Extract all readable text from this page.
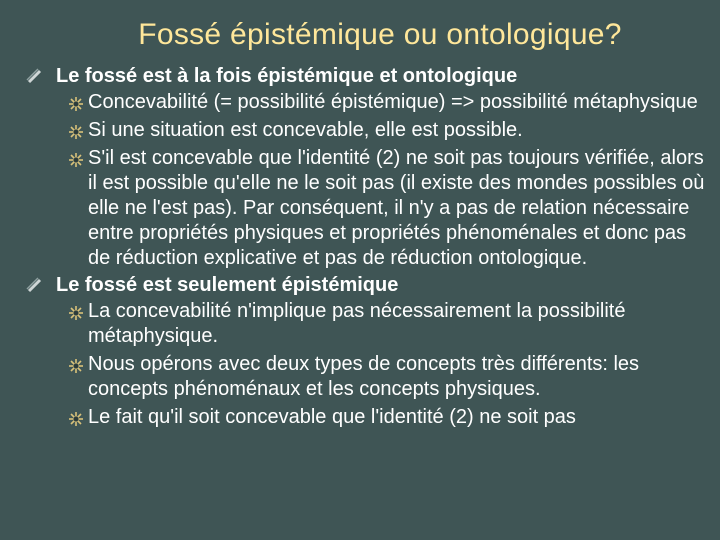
Fossé épistémique ou ontologique?
Le fossé est à la fois épistémique et ontologique
Concevabilité (= possibilité épistémique) => possibilité métaphysique
Si une situation est concevable, elle est possible.
S'il est concevable que l'identité (2) ne soit pas toujours vérifiée, alors il est possible qu'elle ne le soit pas (il existe des mondes possibles où elle ne l'est pas). Par conséquent, il n'y a pas de relation nécessaire entre propriétés physiques et propriétés phénoménales et donc pas de réduction explicative et pas de réduction ontologique.
Le fossé est seulement épistémique
La concevabilité n'implique pas nécessairement la possibilité métaphysique.
Nous opérons avec deux types de concepts très différents: les concepts phénoménaux et les concepts physiques.
Le fait qu'il soit concevable que l'identité (2) ne soit pas
